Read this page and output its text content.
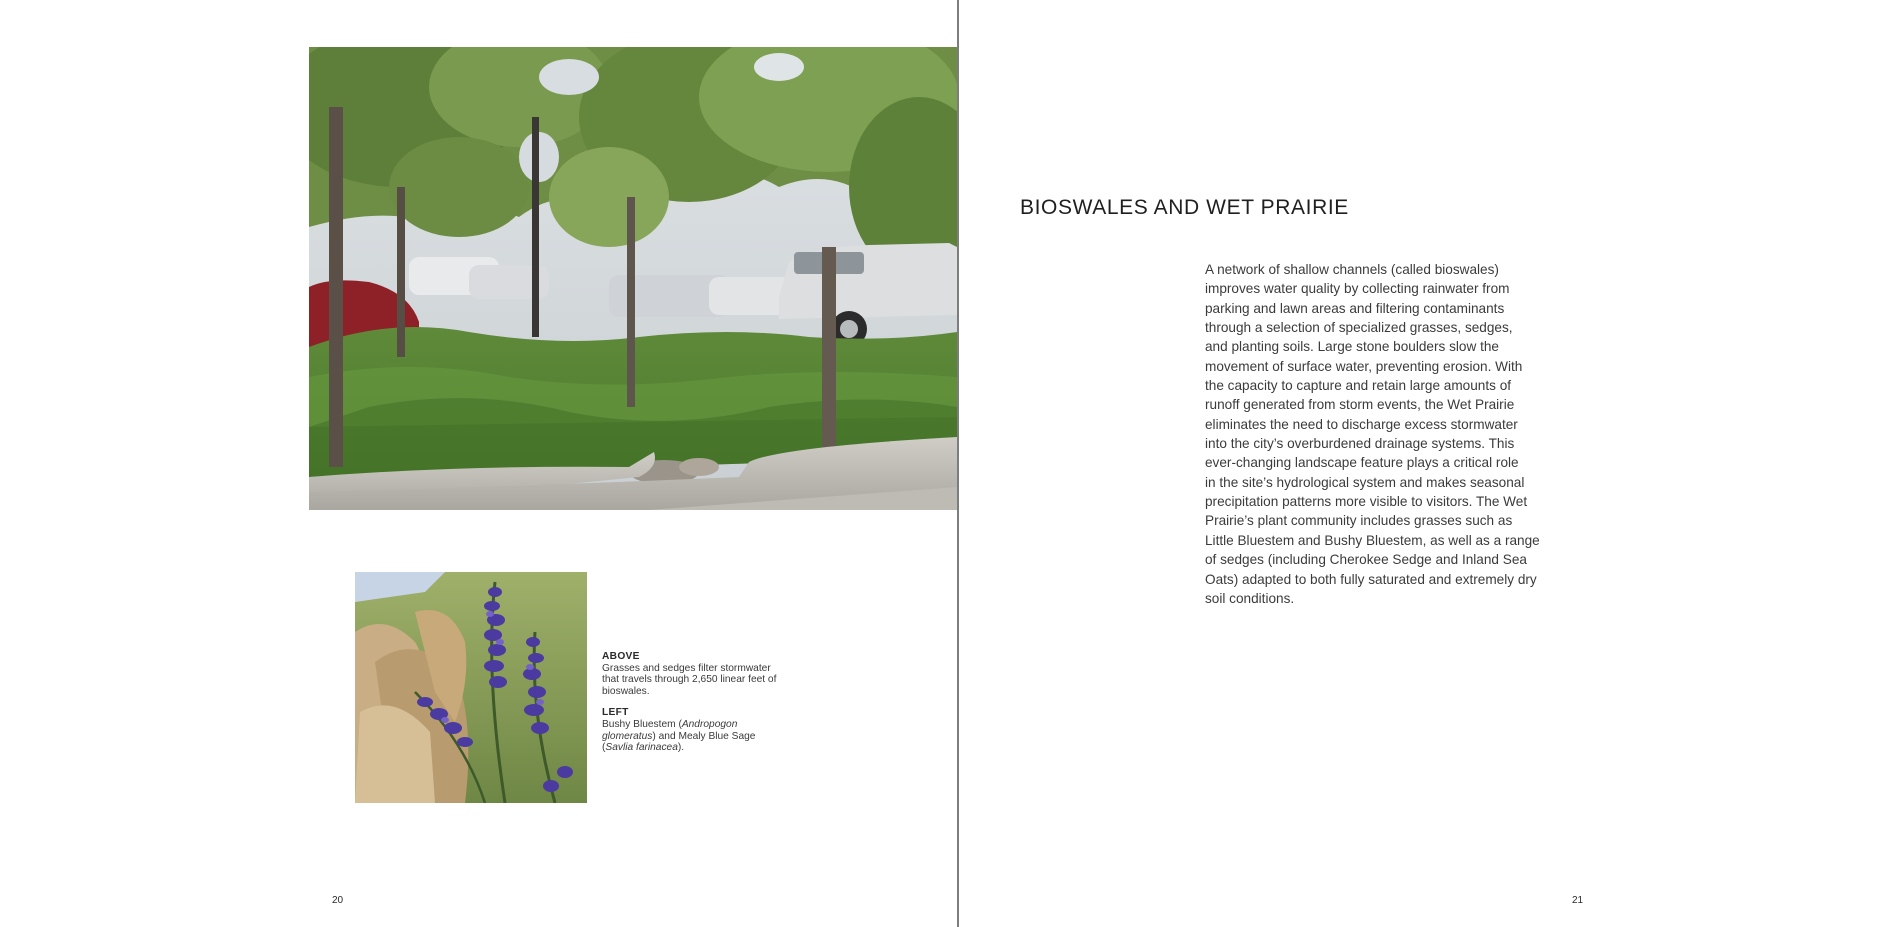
ABOVE
Grasses and sedges filter stormwater that travels through 2,650 linear feet of bioswales.
LEFT
Bushy Bluestem (Andropogon glomeratus) and Mealy Blue Sage (Savlia farinacea).
20
BIOSWALES AND WET PRAIRIE
A network of shallow channels (called bioswales)
improves water quality by collecting rainwater from
parking and lawn areas and filtering contaminants
through a selection of specialized grasses, sedges,
and planting soils. Large stone boulders slow the
movement of surface water, preventing erosion. With
the capacity to capture and retain large amounts of
runoff generated from storm events, the Wet Prairie
eliminates the need to discharge excess stormwater
into the city’s overburdened drainage systems. This
ever-changing landscape feature plays a critical role
in the site’s hydrological system and makes seasonal
precipitation patterns more visible to visitors. The Wet
Prairie’s plant community includes grasses such as
Little Bluestem and Bushy Bluestem, as well as a range
of sedges (including Cherokee Sedge and Inland Sea
Oats) adapted to both fully saturated and extremely dry
soil conditions.
21
